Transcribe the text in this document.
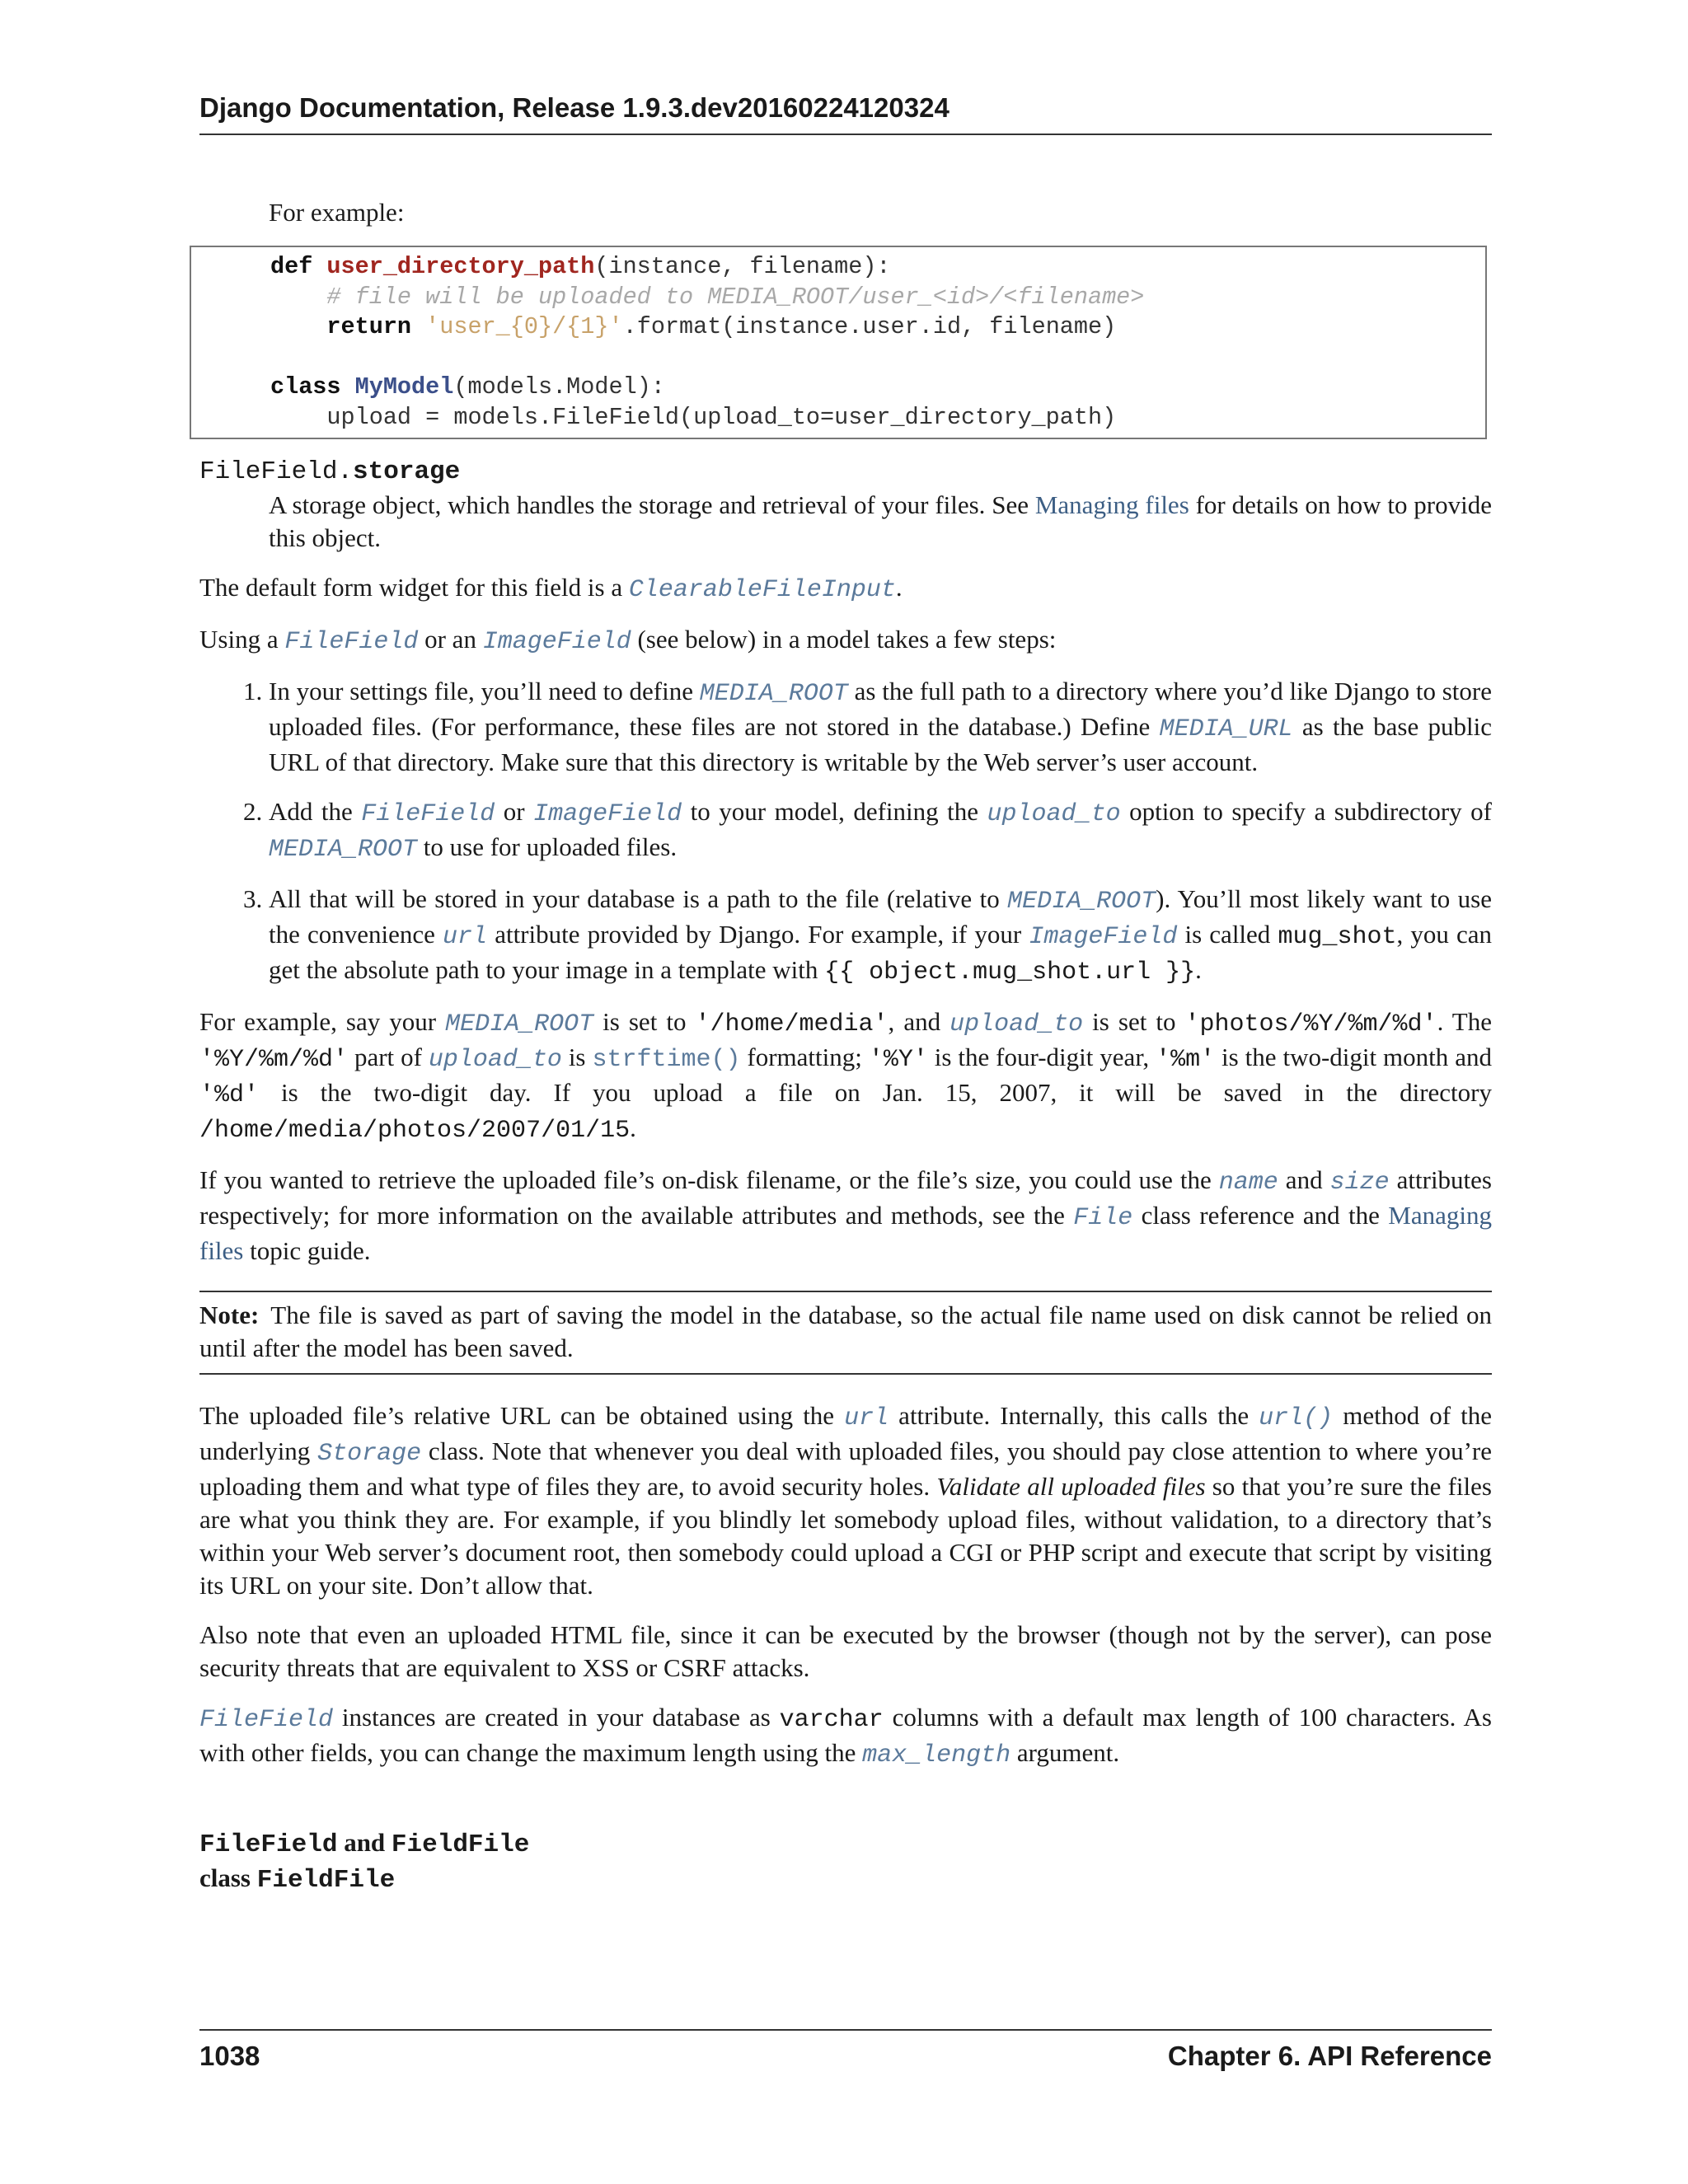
Django Documentation, Release 1.9.3.dev20160224120324

For example:

def user_directory_path(instance, filename):
# file will be uploaded to MEDIA_ROOT/user_<id>/<filename>
return 'user_{0}/{1}'.format(instance.user.id, filename)

class MyModel(models.Model):
upload = models.FileField(upload_to=user_directory_path)
FileField.storage

A storage object, which handles the storage and retrieval of your files. See Managing files for details on how to provide this object.

The default form widget for this field is a ClearableFileInput.

Using a FileField or an ImageField (see below) in a model takes a few steps:

1. In your settings file, you’ll need to define MEDIA_ROOT as the full path to a directory where you’d like Django to store uploaded files. (For performance, these files are not stored in the database.) Define MEDIA_URL as the base public URL of that directory. Make sure that this directory is writable by the Web server’s user account.
2. Add the FileField or ImageField to your model, defining the upload_to option to specify a subdirectory of MEDIA_ROOT to use for uploaded files.
3. All that will be stored in your database is a path to the file (relative to MEDIA_ROOT). You’ll most likely want to use the convenience url attribute provided by Django. For example, if your ImageField is called mug_shot, you can get the absolute path to your image in a template with {{ object.mug_shot.url }}.

For example, say your MEDIA_ROOT is set to '/home/media', and upload_to is set to 'photos/%Y/%m/%d'. The '%Y/%m/%d' part of upload_to is strftime() formatting; '%Y' is the four-digit year, '%m' is the two-digit month and '%d' is the two-digit day. If you upload a file on Jan. 15, 2007, it will be saved in the directory /home/media/photos/2007/01/15.

If you wanted to retrieve the uploaded file’s on-disk filename, or the file’s size, you could use the name and size attributes respectively; for more information on the available attributes and methods, see the File class reference and the Managing files topic guide.

Note: The file is saved as part of saving the model in the database, so the actual file name used on disk cannot be relied on until after the model has been saved.

The uploaded file’s relative URL can be obtained using the url attribute. Internally, this calls the url() method of the underlying Storage class. Note that whenever you deal with uploaded files, you should pay close attention to where you’re uploading them and what type of files they are, to avoid security holes. Validate all uploaded files so that you’re sure the files are what you think they are. For example, if you blindly let somebody upload files, without validation, to a directory that’s within your Web server’s document root, then somebody could upload a CGI or PHP script and execute that script by visiting its URL on your site. Don’t allow that.

Also note that even an uploaded HTML file, since it can be executed by the browser (though not by the server), can pose security threats that are equivalent to XSS or CSRF attacks.

FileField instances are created in your database as varchar columns with a default max length of 100 characters. As with other fields, you can change the maximum length using the max_length argument.

FileField and FieldFile
class FieldFile
1038	Chapter 6. API Reference
